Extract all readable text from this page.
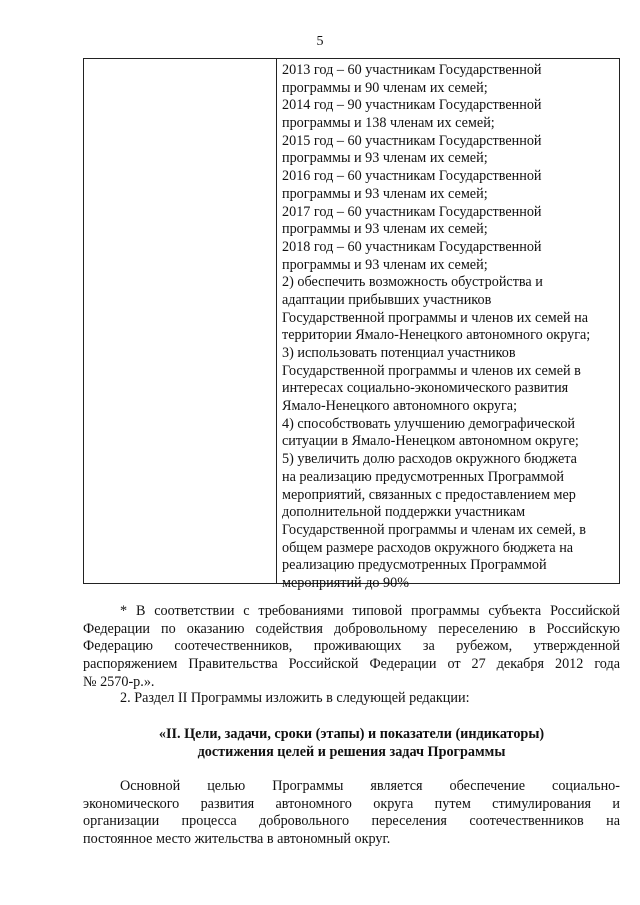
5
2013 год – 60 участникам Государственной
программы и 90 членам их семей;
2014 год – 90 участникам Государственной
программы и 138 членам их семей;
2015 год – 60 участникам Государственной
программы и 93 членам их семей;
2016 год – 60 участникам Государственной
программы и 93 членам их семей;
2017 год – 60 участникам Государственной
программы и 93 членам их семей;
2018 год – 60 участникам Государственной
программы и 93 членам их семей;
2) обеспечить возможность обустройства и
адаптации прибывших участников
Государственной программы и членов их семей на
территории Ямало-Ненецкого автономного округа;
3) использовать потенциал участников
Государственной программы и членов их семей в
интересах социально-экономического развития
Ямало-Ненецкого автономного округа;
4) способствовать улучшению демографической
ситуации в Ямало-Ненецком автономном округе;
5) увеличить долю расходов окружного бюджета
на реализацию предусмотренных Программой
мероприятий, связанных с предоставлением мер
дополнительной поддержки участникам
Государственной программы и членам их семей, в
общем размере расходов окружного бюджета на
реализацию предусмотренных Программой
мероприятий до 90%
* В соответствии с требованиями типовой программы субъекта Российской
Федерации по оказанию содействия добровольному переселению в Российскую
Федерацию соотечественников, проживающих за рубежом, утвержденной
распоряжением Правительства Российской Федерации от 27 декабря 2012 года
№ 2570-р.».
2. Раздел II Программы изложить в следующей редакции:
«II. Цели, задачи, сроки (этапы) и показатели (индикаторы)
достижения целей и решения задач Программы
Основной целью Программы является обеспечение социально-
экономического развития автономного округа путем стимулирования и
организации процесса добровольного переселения соотечественников на
постоянное место жительства в автономный округ.
